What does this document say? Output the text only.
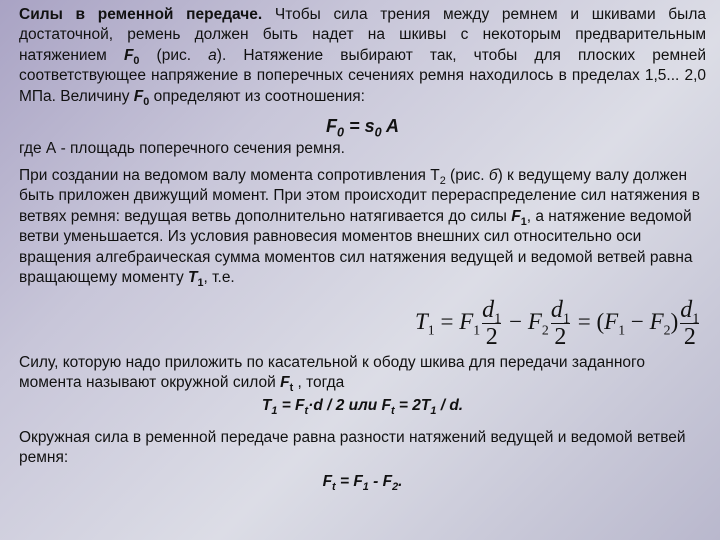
Силы в ременной передаче. Чтобы сила трения между ремнем и шкивами была достаточной, ремень должен быть надет на шкивы с некоторым предварительным натяжением $F_0$ (рис. а). Натяжение выбирают так, чтобы для плоских ремней соответствующее напряжение в поперечных сечениях ремня находилось в пределах 1,5... 2,0 МПа. Величину $F_0$ определяют из соотношения:
$F_0 = s_0$ A
где А - площадь поперечного сечения ремня.
При создании на ведомом валу момента сопротивления $T_2$ (рис. б) к ведущему валу должен быть приложен движущий момент. При этом происходит перераспределение сил натяжения в ветвях ремня: ведущая ветвь дополнительно натягивается до силы $F_1$, а натяжение ведомой ветви уменьшается. Из условия равновесия моментов внешних сил относительно оси вращения алгебраическая сумма моментов сил натяжения ведущей и ведомой ветвей равна вращающему моменту $T_1$, т.е.
$T_1 = F_1 \frac{d_1}{2} - F_2 \frac{d_1}{2} = (F_1 - F_2) \frac{d_1}{2}$
Силу, которую надо приложить по касательной к ободу шкива для передачи заданного момента называют окружной силой $F_t$ , тогда
$T_1 = F_t\cdot d / 2$ или $F_t = 2T_1 / d$.
Окружная сила в ременной передаче равна разности натяжений ведущей и ведомой ветвей ремня:
$F_t = F_1 - F_2$.
